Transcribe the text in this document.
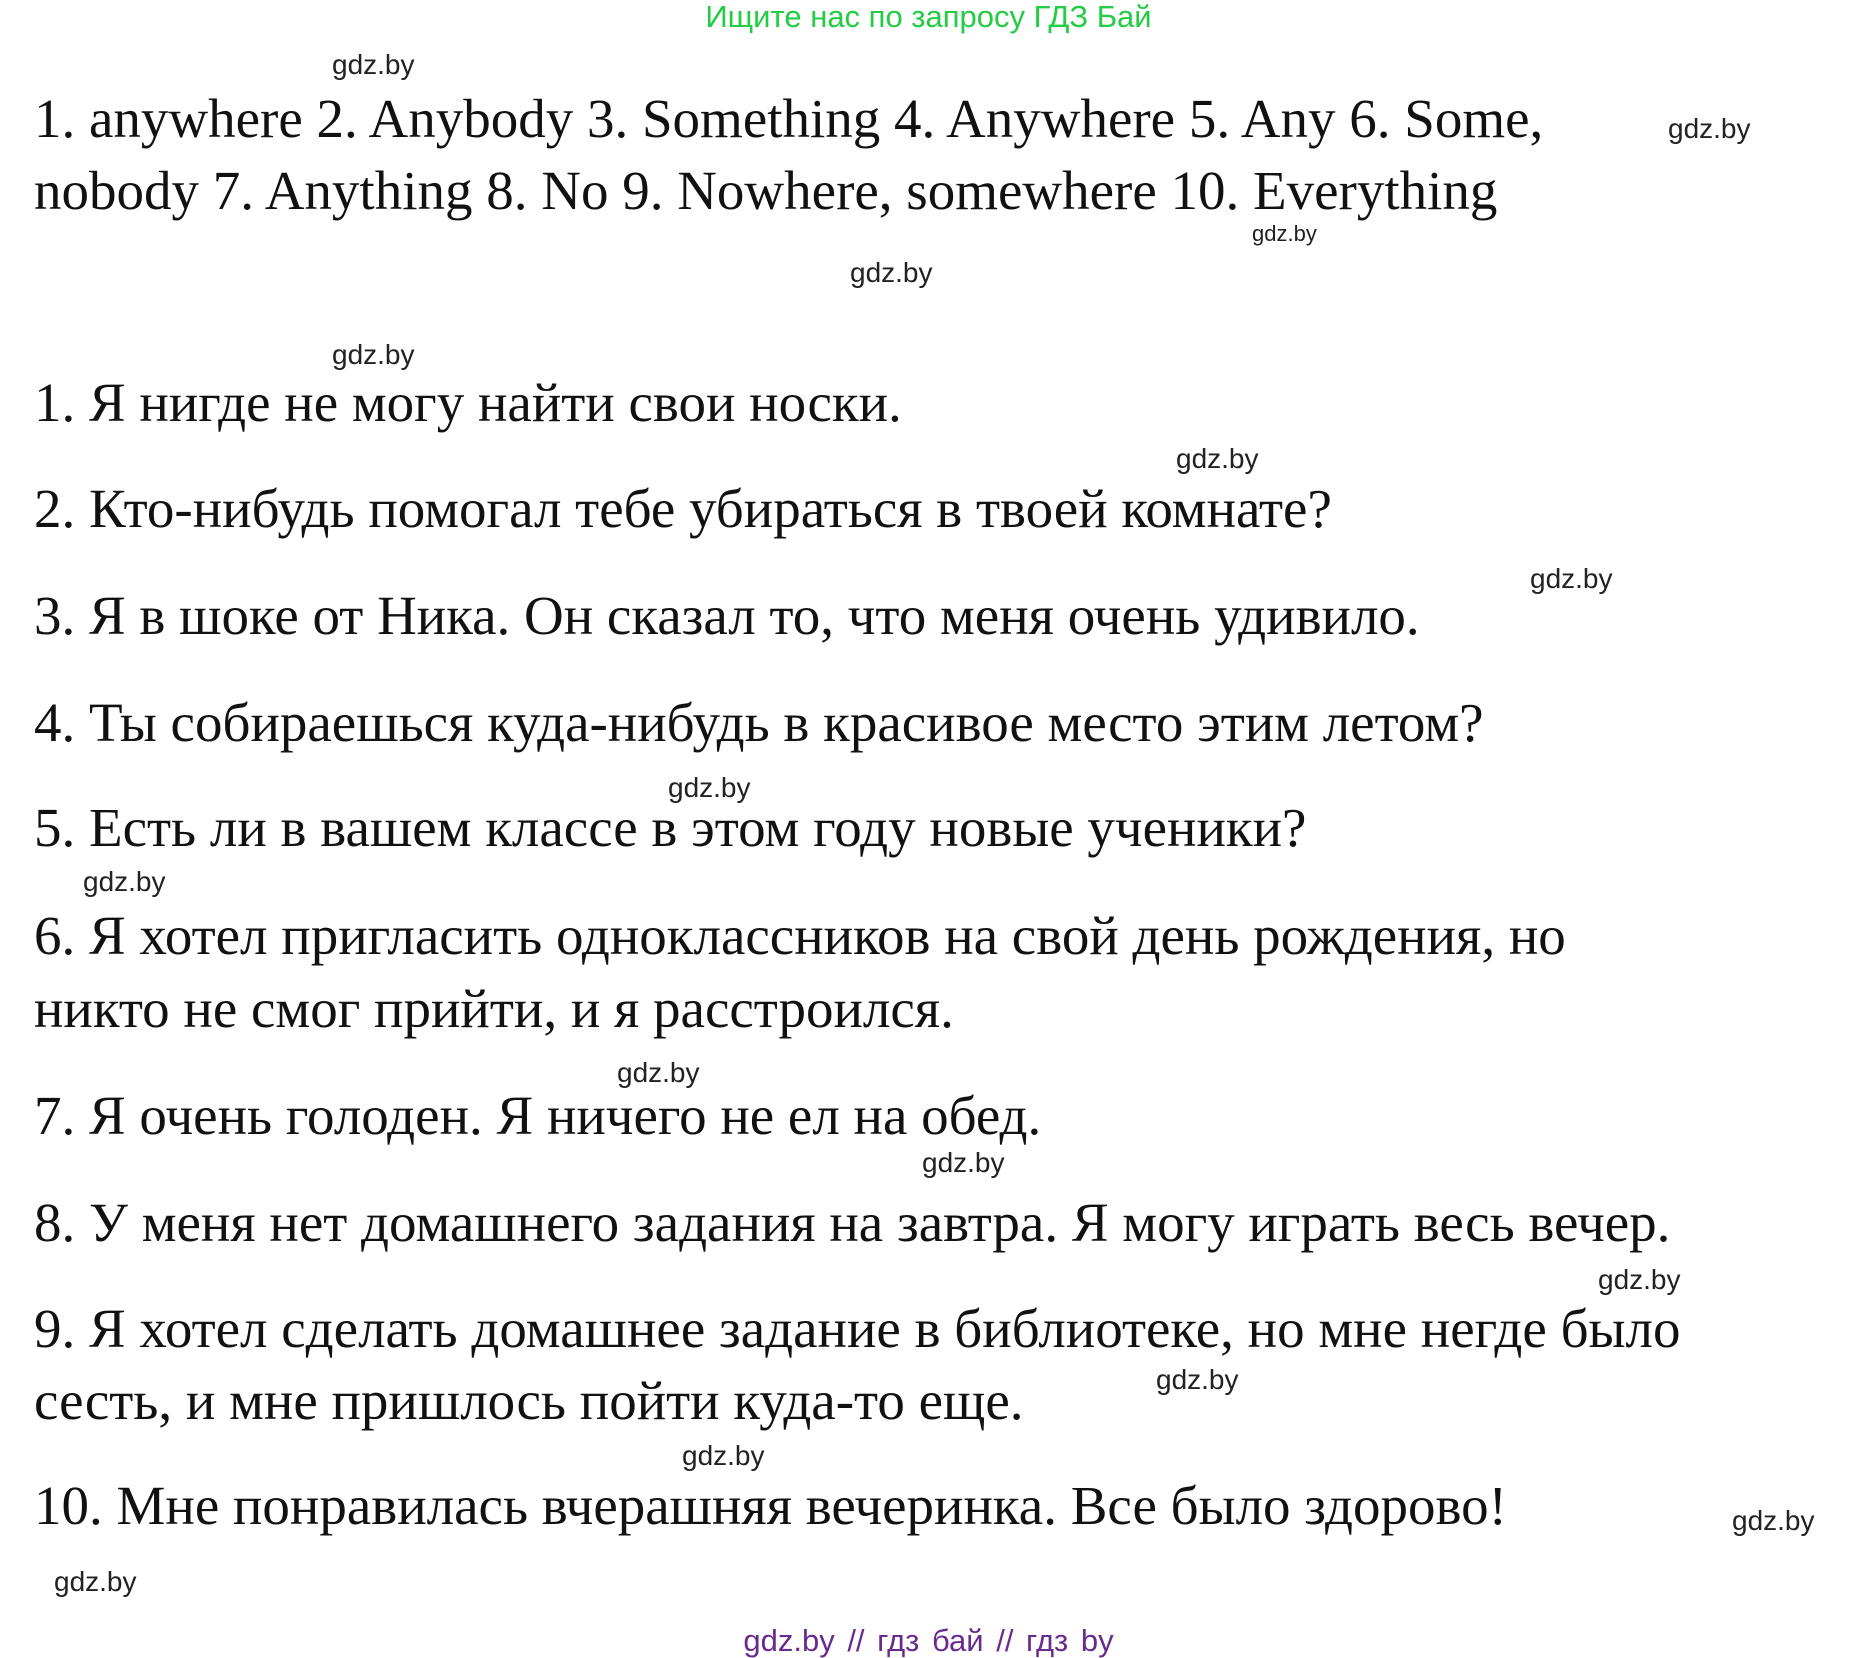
Ищите нас по запросу ГДЗ Бай
1. anywhere 2. Anybody 3. Something 4. Anywhere 5. Any 6. Some,
nobody 7. Anything 8. No 9. Nowhere, somewhere 10. Everything
1. Я нигде не могу найти свои носки.
2. Кто-нибудь помогал тебе убираться в твоей комнате?
3. Я в шоке от Ника. Он сказал то, что меня очень удивило.
4. Ты собираешься куда-нибудь в красивое место этим летом?
5. Есть ли в вашем классе в этом году новые ученики?
6. Я хотел пригласить одноклассников на свой день рождения, но
никто не смог прийти, и я расстроился.
7. Я очень голоден. Я ничего не ел на обед.
8. У меня нет домашнего задания на завтра. Я могу играть весь вечер.
9. Я хотел сделать домашнее задание в библиотеке, но мне негде было
сесть, и мне пришлось пойти куда-то еще.
10. Мне понравилась вчерашняя вечеринка. Все было здорово!
gdz.by
gdz.by
gdz.by
gdz.by
gdz.by
gdz.by
gdz.by
gdz.by
gdz.by
gdz.by
gdz.by
gdz.by
gdz.by
gdz.by
gdz.by
gdz.by
gdz.by // гдз бай // гдз by
